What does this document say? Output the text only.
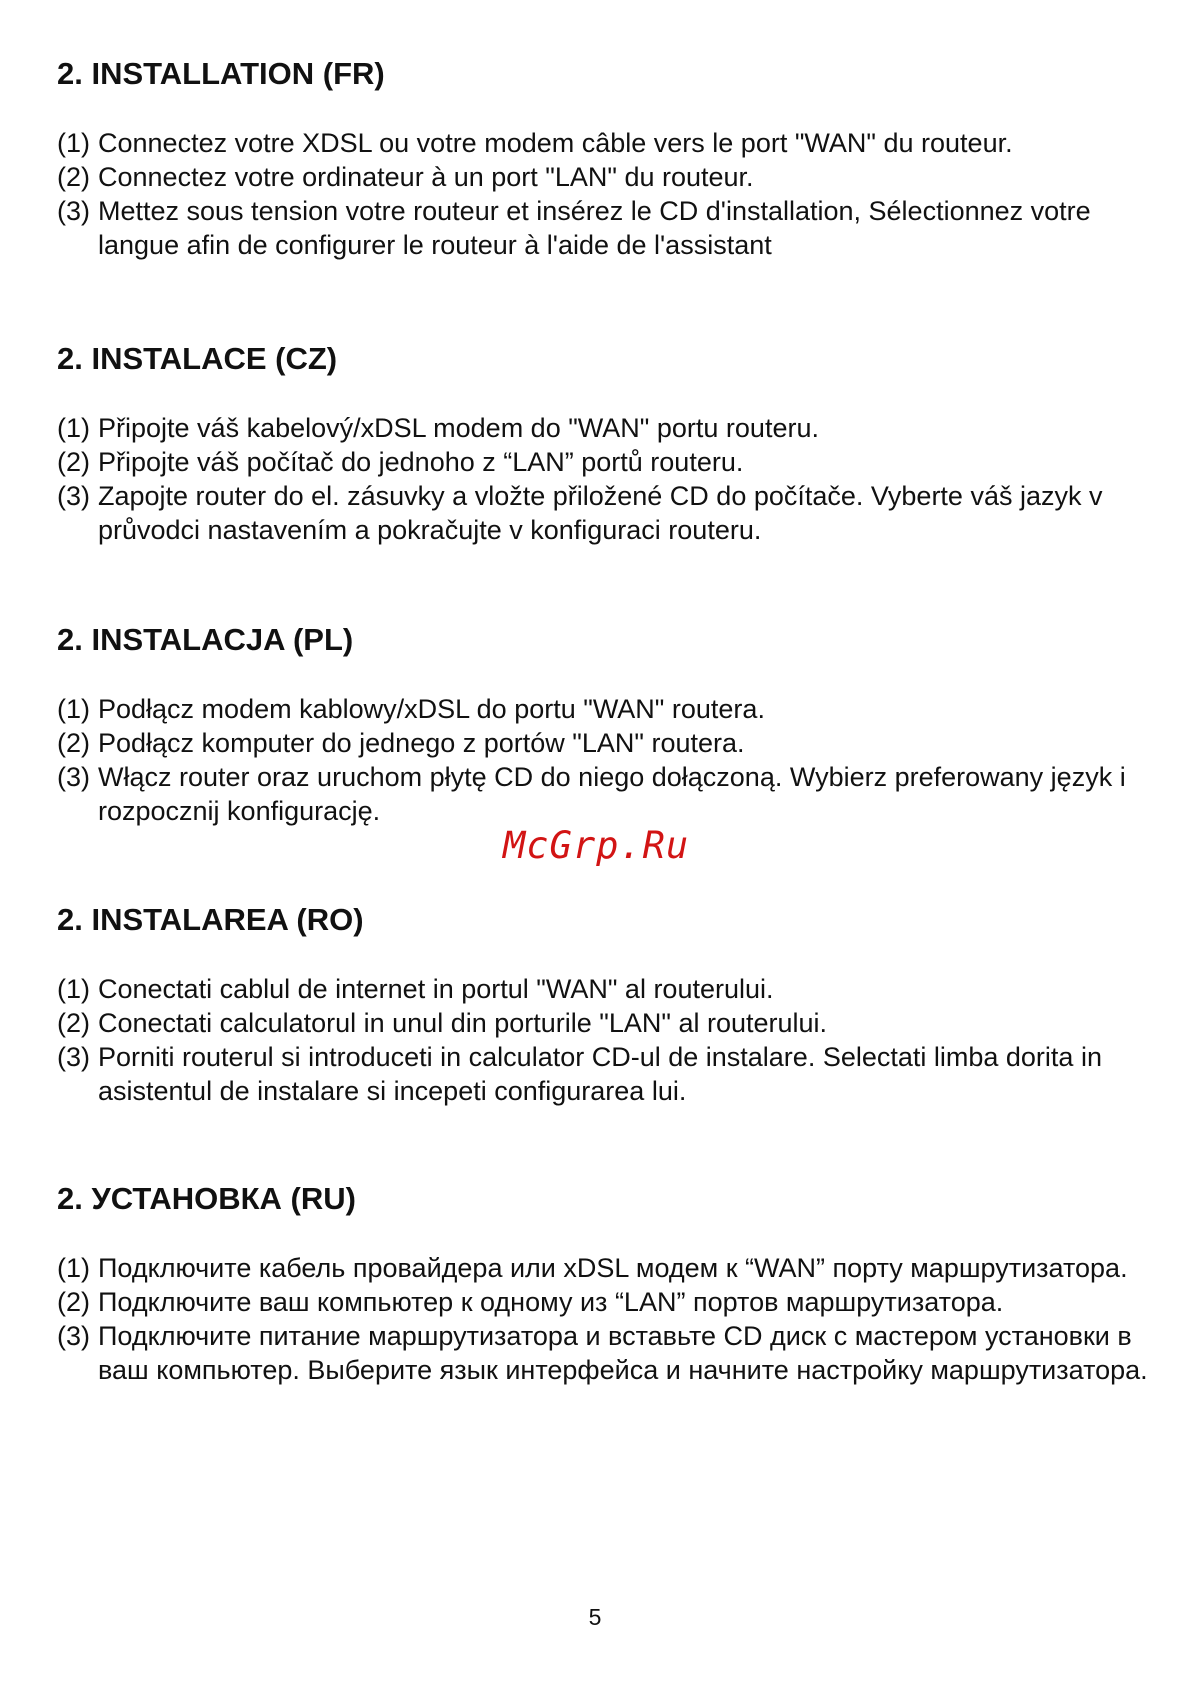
2. INSTALLATION (FR)
(1) Connectez votre XDSL ou votre modem câble vers le port "WAN" du routeur.
(2) Connectez votre ordinateur à un port "LAN" du routeur.
(3) Mettez sous tension votre routeur et insérez le CD d'installation, Sélectionnez votre langue afin de configurer le routeur à l'aide de l'assistant
2. INSTALACE (CZ)
(1) Připojte váš kabelový/xDSL modem do "WAN" portu routeru.
(2) Připojte váš počítač do jednoho z “LAN” portů routeru.
(3) Zapojte router do el. zásuvky a vložte přiložené CD do počítače. Vyberte váš jazyk v průvodci nastavením a pokračujte v konfiguraci routeru.
2. INSTALACJA (PL)
(1) Podłącz modem kablowy/xDSL do portu "WAN" routera.
(2) Podłącz komputer do jednego z portów "LAN" routera.
(3) Włącz router oraz uruchom płytę CD do niego dołączoną. Wybierz preferowany język i rozpocznij konfigurację.
McGrp.Ru
2. INSTALAREA (RO)
(1) Conectati cablul de internet in portul "WAN" al routerului.
(2) Conectati calculatorul in unul din porturile "LAN" al routerului.
(3) Porniti routerul si introduceti in calculator CD-ul de instalare. Selectati limba dorita in asistentul de instalare si incepeti configurarea lui.
2. УСТАНОВКА (RU)
(1) Подключите кабель провайдера или xDSL модем к “WAN” порту маршрутизатора.
(2) Подключите ваш компьютер к одному из “LAN” портов маршрутизатора.
(3) Подключите питание маршрутизатора и вставьте CD диск с мастером установки в ваш компьютер. Выберите язык интерфейса и начните настройку маршрутизатора.
5
